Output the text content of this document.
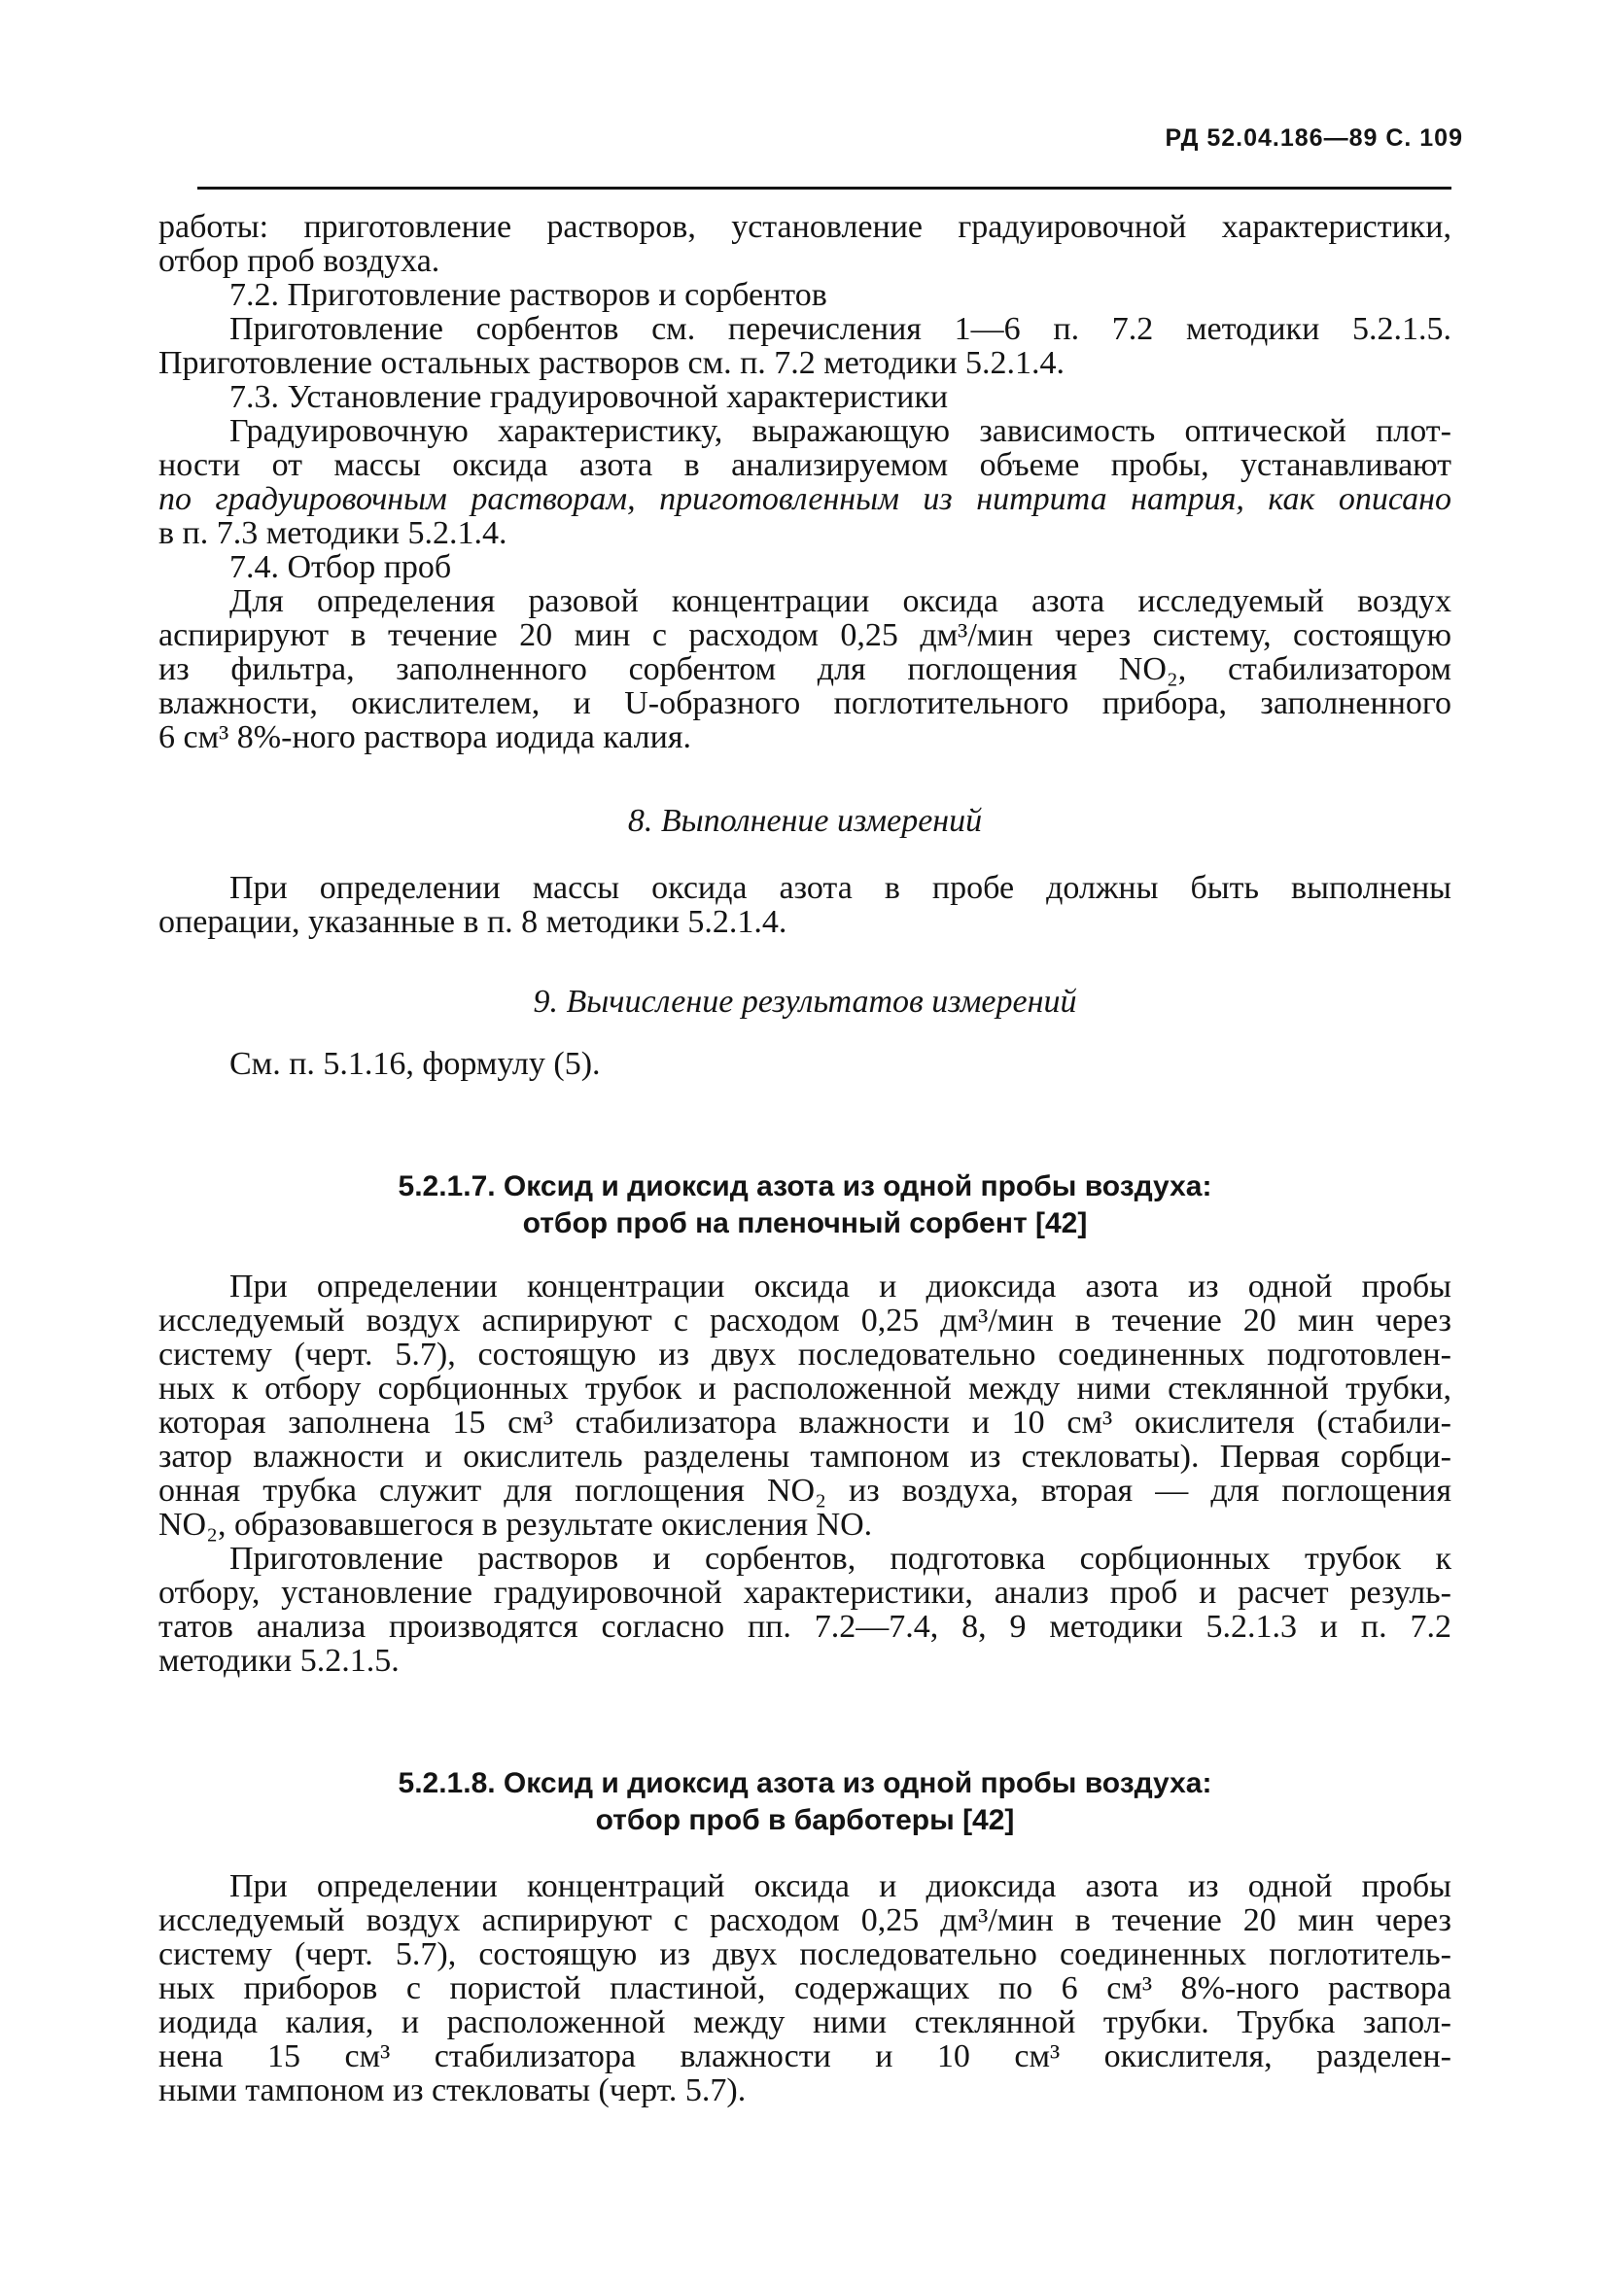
РД 52.04.186—89 С. 109
работы: приготовление растворов, установление градуировочной характеристики,
отбор проб воздуха.
7.2. Приготовление растворов и сорбентов
Приготовление сорбентов см. перечисления 1—6 п. 7.2 методики 5.2.1.5.
Приготовление остальных растворов см. п. 7.2 методики 5.2.1.4.
7.3. Установление градуировочной характеристики
Градуировочную характеристику, выражающую зависимость оптической плот-
ности от массы оксида азота в анализируемом объеме пробы, устанавливают
по градуировочным растворам, приготовленным из нитрита натрия, как описано
в п. 7.3 методики 5.2.1.4.
7.4. Отбор проб
Для определения разовой концентрации оксида азота исследуемый воздух
аспирируют в течение 20 мин с расходом 0,25 дм³/мин через систему, состоящую
из фильтра, заполненного сорбентом для поглощения NO₂, стабилизатором
влажности, окислителем, и U-образного поглотительного прибора, заполненного
6 см³ 8%-ного раствора иодида калия.
8. Выполнение измерений
При определении массы оксида азота в пробе должны быть выполнены
операции, указанные в п. 8 методики 5.2.1.4.
9. Вычисление результатов измерений
См. п. 5.1.16, формулу (5).
5.2.1.7. Оксид и диоксид азота из одной пробы воздуха:
отбор проб на пленочный сорбент [42]
При определении концентрации оксида и диоксида азота из одной пробы
исследуемый воздух аспирируют с расходом 0,25 дм³/мин в течение 20 мин через
систему (черт. 5.7), состоящую из двух последовательно соединенных подготовлен-
ных к отбору сорбционных трубок и расположенной между ними стеклянной трубки,
которая заполнена 15 см³ стабилизатора влажности и 10 см³ окислителя (стабили-
затор влажности и окислитель разделены тампоном из стекловаты). Первая сорбци-
онная трубка служит для поглощения NO₂ из воздуха, вторая — для поглощения
NO₂, образовавшегося в результате окисления NO.
Приготовление растворов и сорбентов, подготовка сорбционных трубок к
отбору, установление градуировочной характеристики, анализ проб и расчет резуль-
татов анализа производятся согласно пп. 7.2—7.4, 8, 9 методики 5.2.1.3 и п. 7.2
методики 5.2.1.5.
5.2.1.8. Оксид и диоксид азота из одной пробы воздуха:
отбор проб в барботеры [42]
При определении концентраций оксида и диоксида азота из одной пробы
исследуемый воздух аспирируют с расходом 0,25 дм³/мин в течение 20 мин через
систему (черт. 5.7), состоящую из двух последовательно соединенных поглотитель-
ных приборов с пористой пластиной, содержащих по 6 см³ 8%-ного раствора
иодида калия, и расположенной между ними стеклянной трубки. Трубка запол-
нена 15 см³ стабилизатора влажности и 10 см³ окислителя, разделен-
ными тампоном из стекловаты (черт. 5.7).
